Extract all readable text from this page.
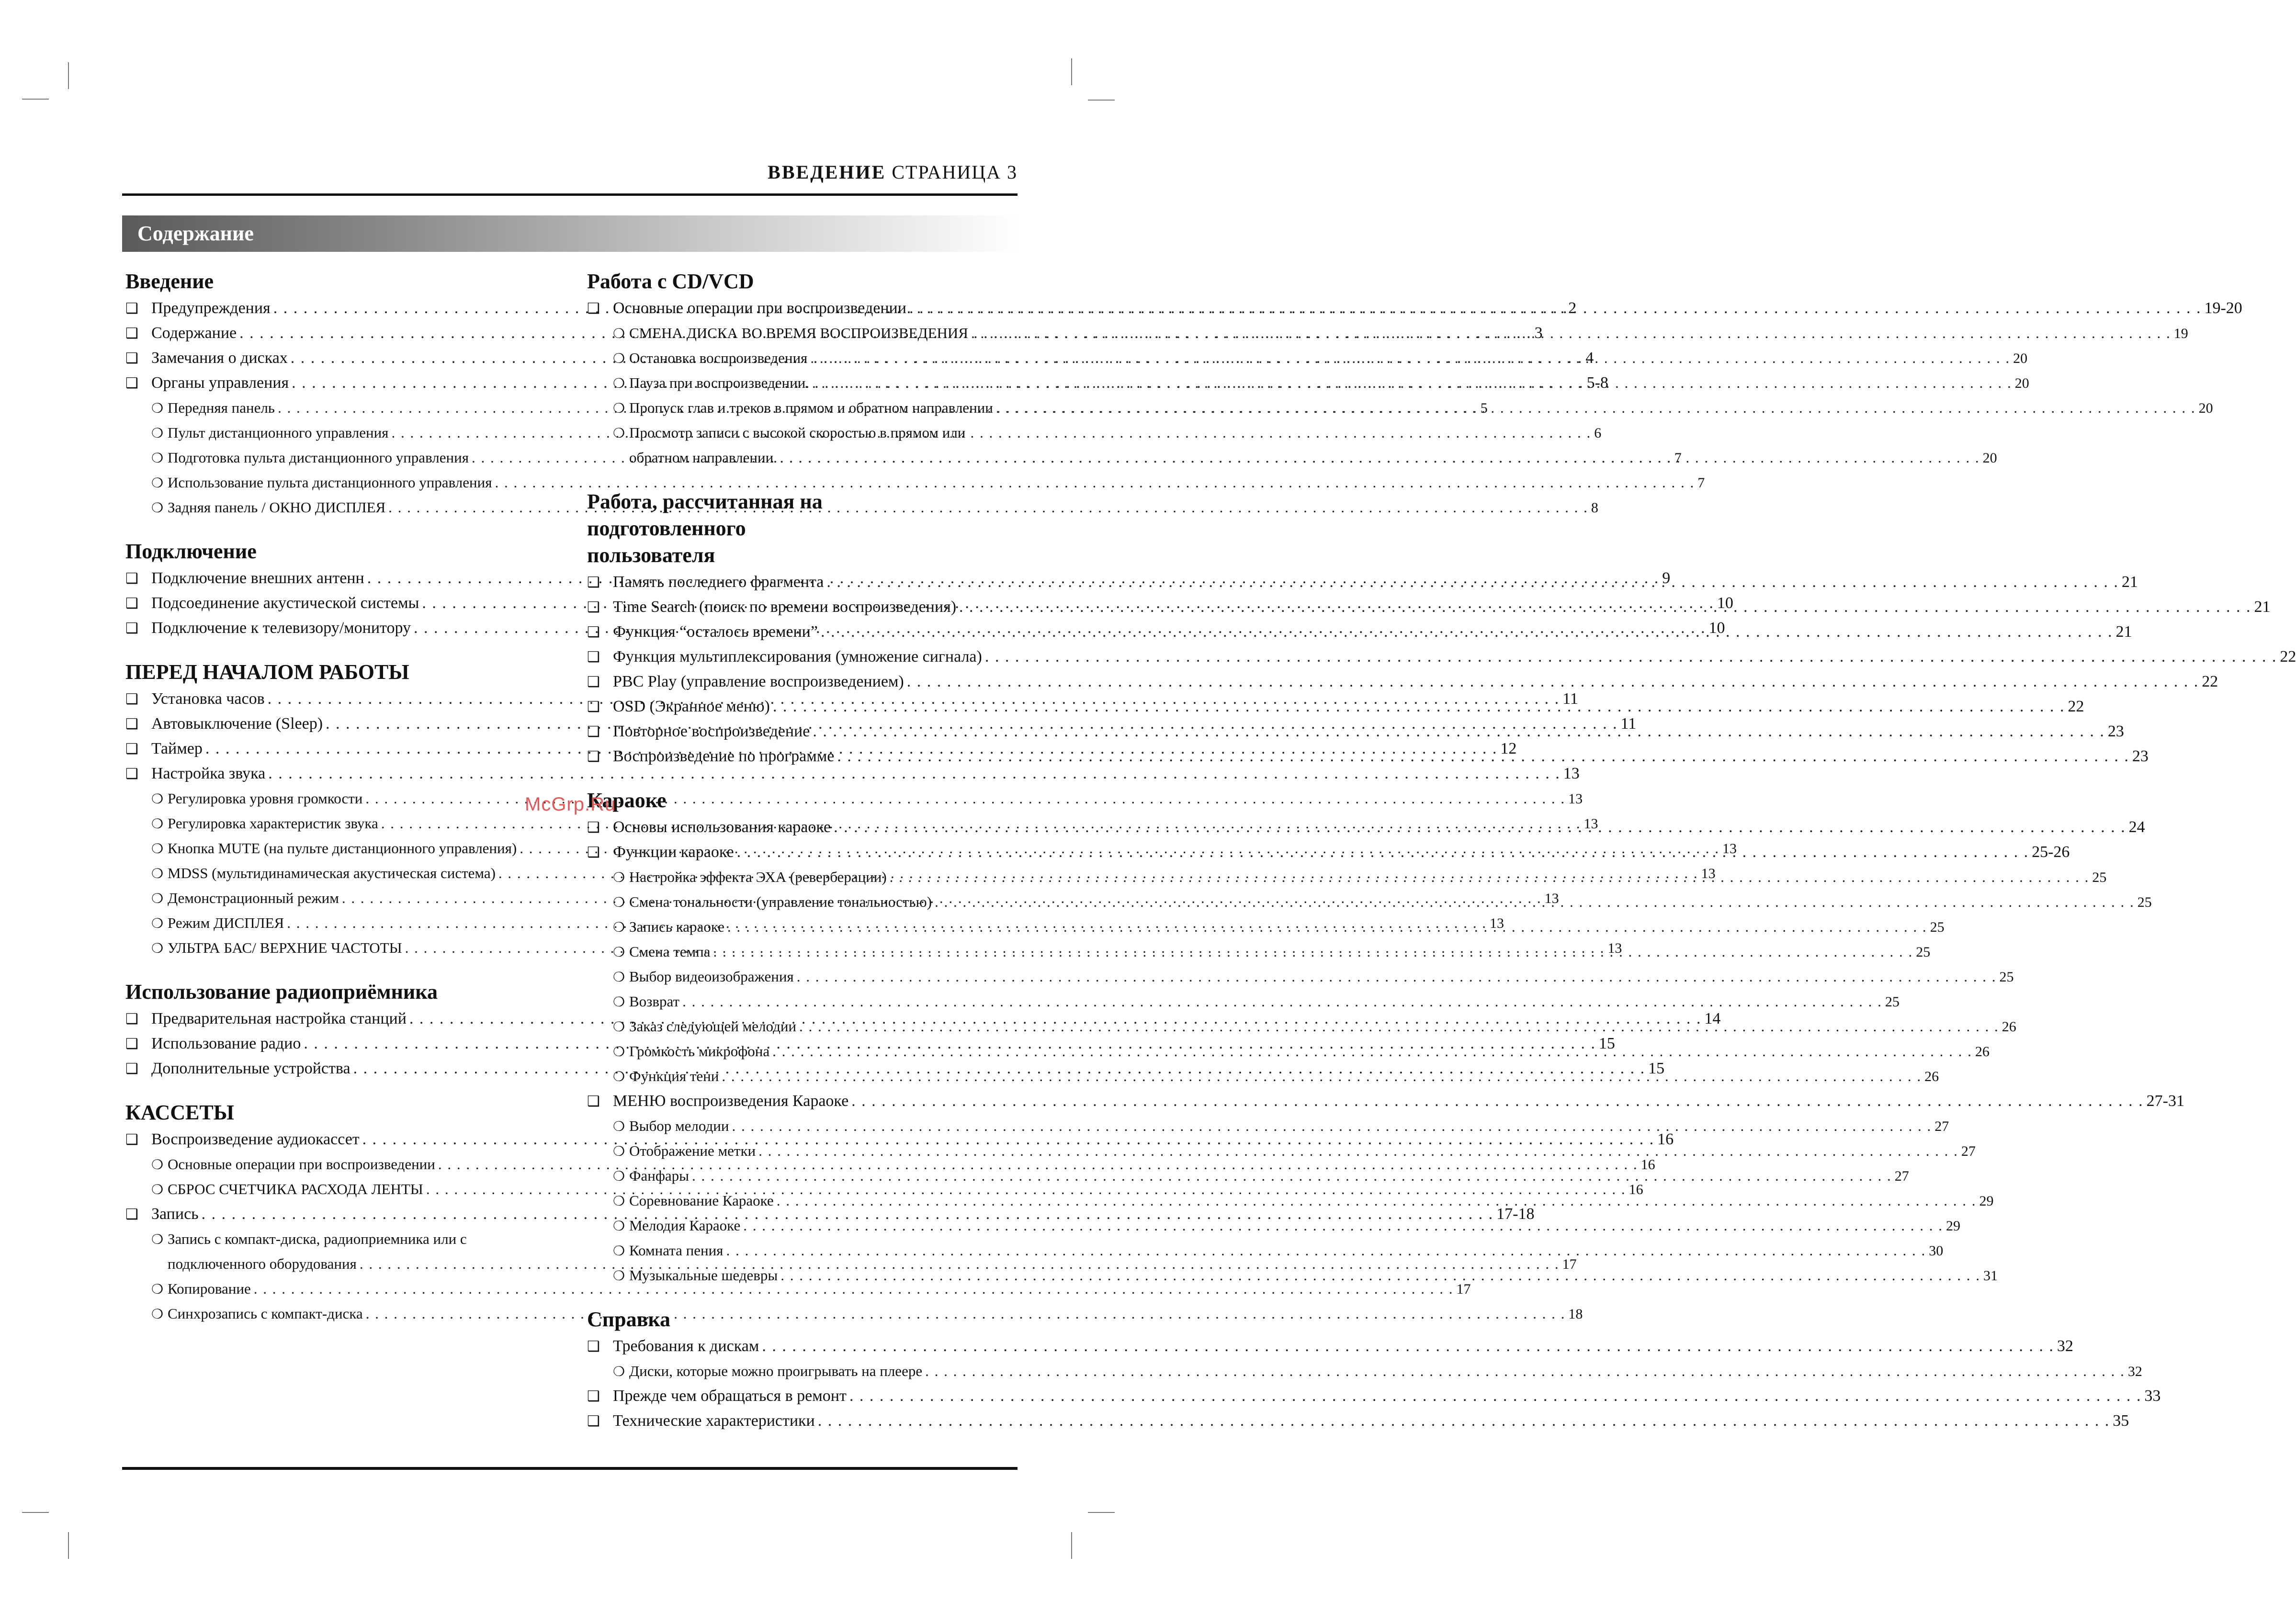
ВВЕДЕНИЕ СТРАНИЦА 3
Содержание
Введение
❑ Предупреждения . . .	2
❑ Содержание . . .	3
❑ Замечания о дисках . . .	4
❑ Органы управления . . .	5-8
❍ Передняя панель . . .	5
❍ Пульт дистанционного управления . . .	6
❍ Подготовка пульта дистанционного управления . . .	7
❍ Использование пульта дистанционного управления . . .	7
❍ Задняя панель / ОКНО ДИСПЛЕЯ . . .	8
Подключение
❑ Подключение внешних антенн . . .	9
❑ Подсоединение акустической системы . . .	10
❑ Подключение к телевизору/монитору . . .	10
ПЕРЕД НАЧАЛОМ РАБОТЫ
❑ Установка часов . . .	11
❑ Автовыключение (Sleep) . . .	11
❑ Таймер . . .	12
❑ Настройка звука . . .	13
❍ Регулировка уровня громкости . . .	13
❍ Регулировка характеристик звука . . .	13
❍ Кнопка MUTE (на пульте дистанционного управления) . . .	13
❍ MDSS (мультидинамическая акустическая система) . . .	13
❍ Демонстрационный режим . . .	13
❍ Режим ДИСПЛЕЯ . . .	13
❍ УЛЬТРА БАС/ ВЕРХНИЕ ЧАСТОТЫ . . .	13
Использование радиоприёмника
❑ Предварительная настройка станций . . .	14
❑ Использование радио . . .	15
❑ Дополнительные устройства . . .	15
КАССЕТЫ
❑ Воспроизведение аудиокассет . . .	16
❍ Основные операции при воспроизведении . . .	16
❍ СБРОС СЧЕТЧИКА РАСХОДА ЛЕНТЫ . . .	16
❑ Запись . . .	17-18
❍ Запись с компакт-диска, радиоприемника или с
подключенного оборудования . . .	17
❍ Копирование . . .	17
❍ Синхрозапись с компакт-диска . . .	18
Работа с CD/VCD
❑ Основные операции при воспроизведении . . .	19-20
❍ СМЕНА ДИСКА ВО ВРЕМЯ ВОСПРОИЗВЕДЕНИЯ . . .	19
❍ Остановка воспроизведения . . .	20
❍ Пауза при воспроизведении. . . .	20
❍ Пропуск глав и треков в прямом и обратном направлении . . .	20
❍ Просмотр записи с высокой скоростью в прямом или
обратном направлении. . . .	20
Работа, рассчитанная на подготовленного пользователя
❑ Память последнего фрагмента . . .	21
❑ Time Search (поиск по времени воспроизведения) . . .	21
❑ Функция “осталось времени” . . .	21
❑ Функция мультиплексирования (умножение сигнала) . . .	22
❑ PBC Play (управление воспроизведением) . . .	22
❑ OSD (Экранное меню) . . .	22
❑ Повторное воспроизведение . . .	23
❑ Воспроизведение по программе . . .	23
Караоке
❑ Основы использования караоке . . .	24
❑ Функции караоке . . .	25-26
❍ Настройка эффекта ЭХА (реверберации) . . .	25
❍ Смена тональности (управление тональностью) . . .	25
❍ Запись караоке . . .	25
❍ Смена темпа . . .	25
❍ Выбор видеоизображения . . .	25
❍ Возврат . . .	25
❍ Заказ следующей мелодии . . .	26
❍ Громкость микрофона . . .	26
❍ Функция тени . . .	26
❑ МЕНЮ воспроизведения Караоке . . .	27-31
❍ Выбор мелодии . . .	27
❍ Отображение метки . . .	27
❍ Фанфары . . .	27
❍ Соревнование Караоке . . .	29
❍ Мелодия Караоке . . .	29
❍ Комната пения . . .	30
❍ Музыкальные шедевры . . .	31
Справка
❑ Требования к дискам . . .	32
❍ Диски, которые можно проигрывать на плеере . . .	32
❑ Прежде чем обращаться в ремонт . . .	33
❑ Технические характеристики . . .	35
McGrp.Ru
